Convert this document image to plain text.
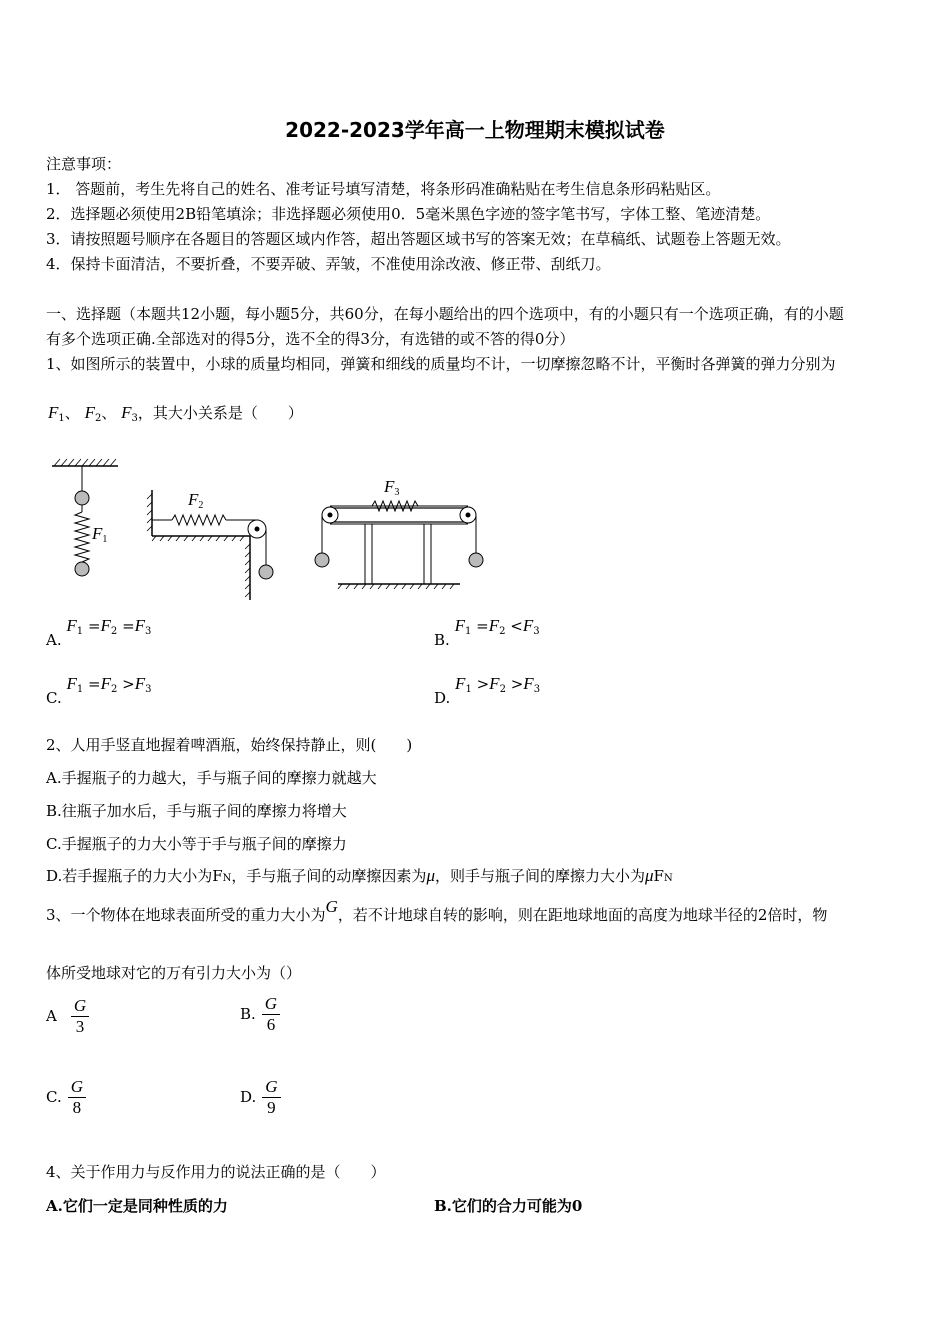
2022-2023学年高一上物理期末模拟试卷
注意事项：
1． 答题前，考生先将自己的姓名、准考证号填写清楚，将条形码准确粘贴在考生信息条形码粘贴区。
2．选择题必须使用2B铅笔填涂；非选择题必须使用0．5毫米黑色字迹的签字笔书写，字体工整、笔迹清楚。
3．请按照题号顺序在各题目的答题区域内作答，超出答题区域书写的答案无效；在草稿纸、试题卷上答题无效。
4．保持卡面清洁，不要折叠，不要弄破、弄皱，不准使用涂改液、修正带、刮纸刀。
一、选择题（本题共12小题，每小题5分，共60分，在每小题给出的四个选项中，有的小题只有一个选项正确，有的小题
有多个选项正确.全部选对的得5分，选不全的得3分，有选错的或不答的得0分）
1、如图所示的装置中，小球的质量均相同，弹簧和细线的质量均不计，一切摩擦忽略不计，平衡时各弹簧的弹力分别为
$F_1$、 $F_2$、 $F_3$，其大小关系是（　　）
F1
F2
F3
A. $F_1 =F_2 =F_3$	B. $F_1 =F_2 <F_3$
C. $F_1 =F_2 >F_3$	D. $F_1 >F_2 >F_3$
2、人用手竖直地握着啤酒瓶，始终保持静止，则(　　)
A.手握瓶子的力越大，手与瓶子间的摩擦力就越大
B.往瓶子加水后，手与瓶子间的摩擦力将增大
C.手握瓶子的力大小等于手与瓶子间的摩擦力
D.若手握瓶子的力大小为FN，手与瓶子间的动摩擦因素为μ，则手与瓶子间的摩擦力大小为μFN
3、一个物体在地球表面所受的重力大小为G，若不计地球自转的影响，则在距地球地面的高度为地球半径的2倍时，物
体所受地球对它的万有引力大小为（）
A $\frac{G}{3}$	B. $\frac{G}{6}$
C. $\frac{G}{8}$	D. $\frac{G}{9}$
4、关于作用力与反作用力的说法正确的是（　　）
A.它们一定是同种性质的力	B.它们的合力可能为0
